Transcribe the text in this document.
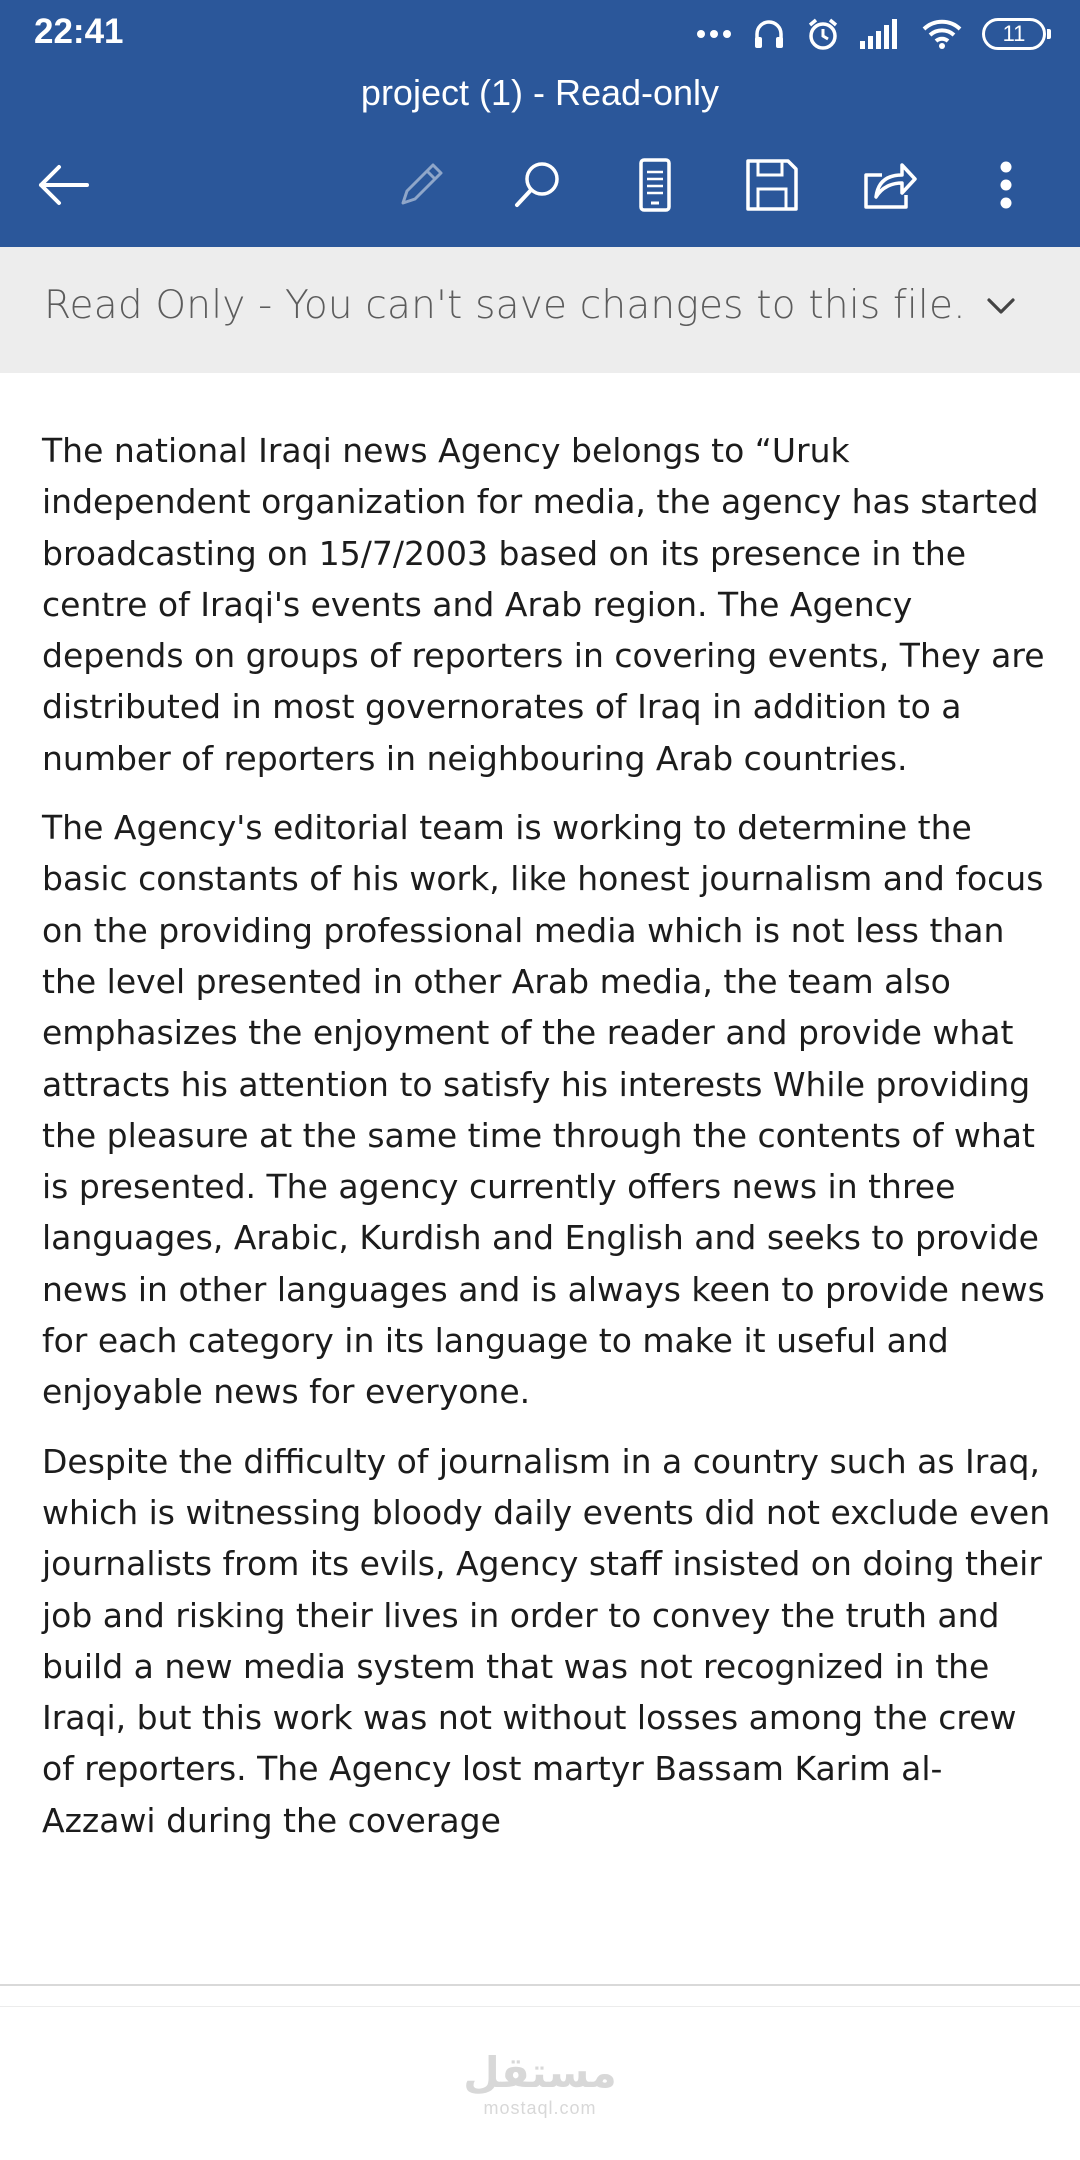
22:41	11
project (1) - Read-only
Read Only - You can't save changes to this file.

The national Iraqi news Agency belongs to “Uruk independent organization for media, the agency has started broadcasting on 15/7/2003 based on its presence in the centre of Iraqi's events and Arab region. The Agency depends on groups of reporters in covering events, They are distributed in most governorates of Iraq in addition to a number of reporters in neighbouring Arab countries.

The Agency's editorial team is working to determine the basic constants of his work, like honest journalism and focus on the providing professional media which is not less than the level presented in other Arab media, the team also emphasizes the enjoyment of the reader and provide what attracts his attention to satisfy his interests While providing the pleasure at the same time through the contents of what is presented. The agency currently offers news in three languages, Arabic, Kurdish and English and seeks to provide news in other languages and is always keen to provide news for each category in its language to make it useful and enjoyable news for everyone.

Despite the difficulty of journalism in a country such as Iraq, which is witnessing bloody daily events did not exclude even journalists from its evils, Agency staff insisted on doing their job and risking their lives in order to convey the truth and build a new media system that was not recognized in the Iraqi, but this work was not without losses among the crew of reporters. The Agency lost martyr Bassam Karim al-Azzawi during the coverage

مستقل
mostaql.com
